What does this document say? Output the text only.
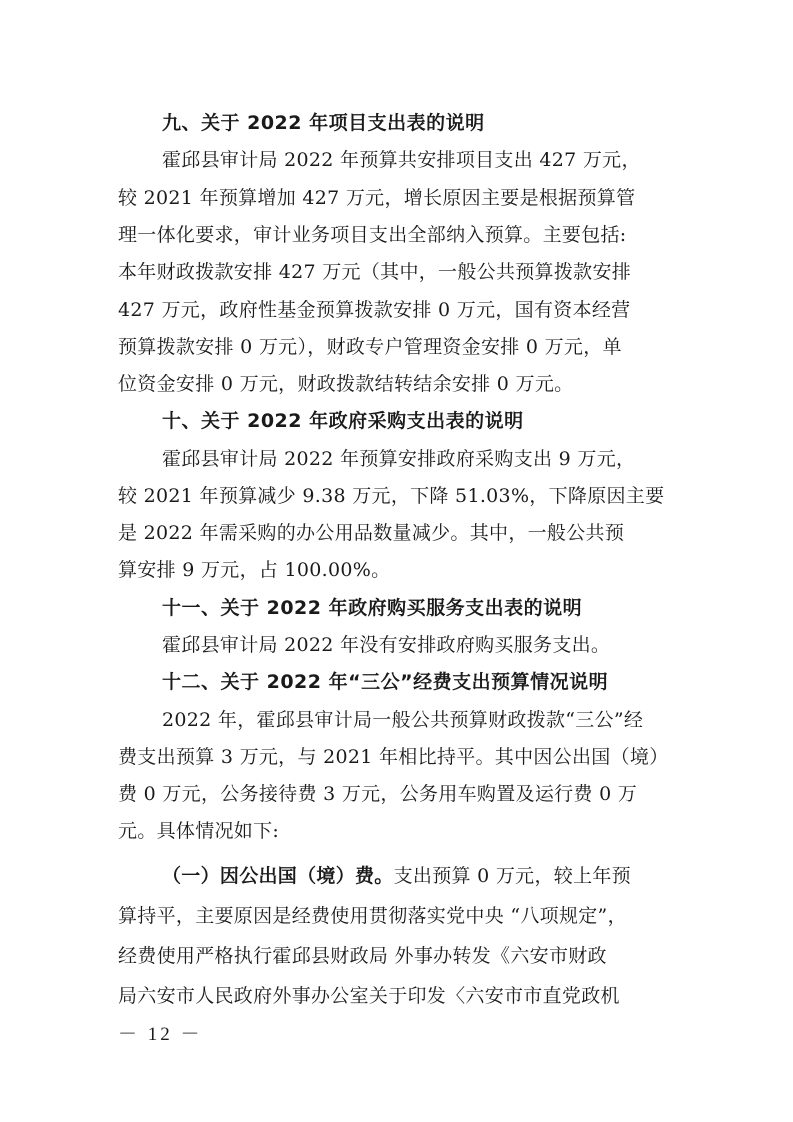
九、关于 2022 年项目支出表的说明
霍邱县审计局 2022 年预算共安排项目支出 427 万元，
较 2021 年预算增加 427 万元，增长原因主要是根据预算管
理一体化要求，审计业务项目支出全部纳入预算。主要包括:
本年财政拨款安排 427 万元（其中，一般公共预算拨款安排
427 万元，政府性基金预算拨款安排 0 万元，国有资本经营
预算拨款安排 0 万元），财政专户管理资金安排 0 万元，单
位资金安排 0 万元，财政拨款结转结余安排 0 万元。
十、关于 2022 年政府采购支出表的说明
霍邱县审计局 2022 年预算安排政府采购支出 9 万元，
较 2021 年预算减少 9.38 万元，下降 51.03%，下降原因主要
是 2022 年需采购的办公用品数量减少。其中，一般公共预
算安排 9 万元，占 100.00%。
十一、关于 2022 年政府购买服务支出表的说明
霍邱县审计局 2022 年没有安排政府购买服务支出。
十二、关于 2022 年“三公”经费支出预算情况说明
2022 年，霍邱县审计局一般公共预算财政拨款“三公”经
费支出预算 3 万元，与 2021 年相比持平。其中因公出国（境）
费 0 万元，公务接待费 3 万元，公务用车购置及运行费 0 万
元。具体情况如下:
（一）因公出国（境）费。支出预算 0 万元，较上年预
算持平，主要原因是经费使用贯彻落实党中央 “八项规定”，
经费使用严格执行霍邱县财政局 外事办转发《六安市财政
局六安市人民政府外事办公室关于印发〈六安市市直党政机
－ 12 －
